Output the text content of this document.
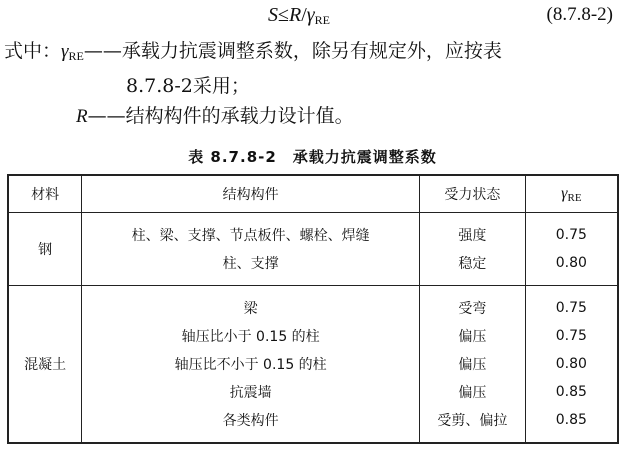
S≤R/γRE	(8.7.8-2)
式中：$\gamma_{RE}——$承载力抗震调整系数，除另有规定外，应按表
8.7.8-2采用；
R——结构构件的承载力设计值。
表 8.7.8-2　承载力抗震调整系数
材料	结构构件	受力状态	$\gamma_{RE}$
钢	柱、梁、支撑、节点板件、螺栓、焊缝	强度	0.75
	柱、支撑	稳定	0.80
混凝土	梁	受弯	0.75
	轴压比小于 0.15 的柱	偏压	0.75
	轴压比不小于 0.15 的柱	偏压	0.80
	抗震墙	偏压	0.85
	各类构件	受剪、偏拉	0.85
